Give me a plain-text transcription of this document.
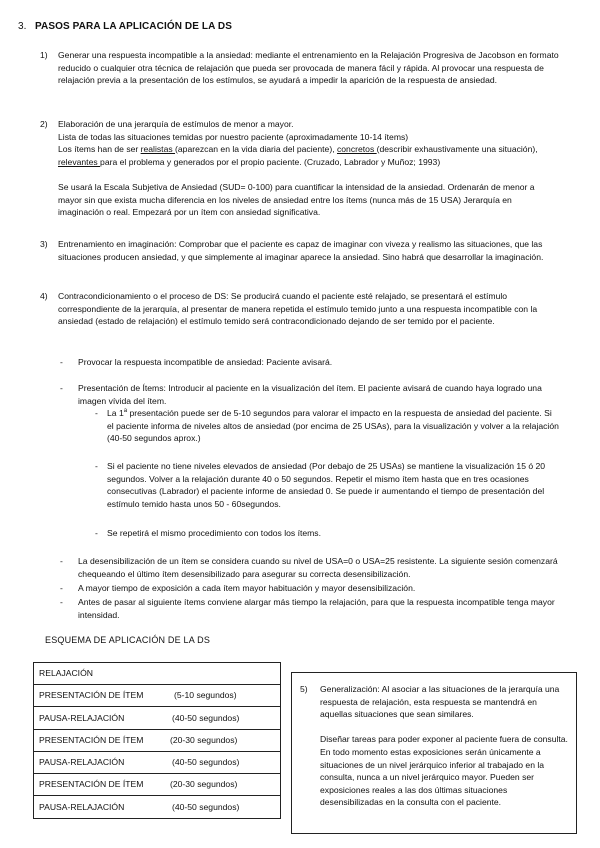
3. PASOS PARA LA APLICACIÓN DE LA DS
1) Generar una respuesta incompatible a la ansiedad: mediante el entrenamiento en la Relajación Progresiva de Jacobson en formato reducido o cualquier otra técnica de relajación que pueda ser provocada de manera fácil y rápida. Al provocar una respuesta de relajación previa a la presentación de los estímulos, se ayudará a impedir la aparición de la respuesta de ansiedad.

2) Elaboración de una jerarquía de estímulos de menor a mayor.

Lista de todas las situaciones temidas por nuestro paciente (aproximadamente 10-14 ítems)

Los ítems han de ser realistas (aparezcan en la vida diaria del paciente), concretos (describir exhaustivamente una situación), relevantes para el problema y generados por el propio paciente. (Cruzado, Labrador y Muñoz; 1993)

Se usará la Escala Subjetiva de Ansiedad (SUD= 0-100) para cuantificar la intensidad de la ansiedad. Ordenarán de menor a mayor sin que exista mucha diferencia en los niveles de ansiedad entre los ítems (nunca más de 15 USA) Jerarquía en imaginación o real. Empezará por un ítem con ansiedad significativa.

3) Entrenamiento en imaginación: Comprobar que el paciente es capaz de imaginar con viveza y realismo las situaciones, que las situaciones producen ansiedad, y que simplemente al imaginar aparece la ansiedad. Sino habrá que desarrollar la imaginación.

4) Contracondicionamiento o el proceso de DS: Se producirá cuando el paciente esté relajado, se presentará el estímulo correspondiente de la jerarquía, al presentar de manera repetida el estímulo temido junto a una respuesta incompatible con la ansiedad (estado de relajación) el estímulo temido será contracondicionado dejando de ser temido por el paciente.

- Provocar la respuesta incompatible de ansiedad: Paciente avisará.

- Presentación de Ítems: Introducir al paciente en la visualización del ítem. El paciente avisará de cuando haya logrado una imagen vívida del ítem.

- La 1$^a$ presentación puede ser de 5-10 segundos para valorar el impacto en la respuesta de ansiedad del paciente. Si el paciente informa de niveles altos de ansiedad (por encima de 25 USAs), para la visualización y volver a la relajación (40-50 segundos aprox.)

- Si el paciente no tiene niveles elevados de ansiedad (Por debajo de 25 USAs) se mantiene la visualización 15 ó 20 segundos. Volver a la relajación durante 40 o 50 segundos. Repetir el mismo ítem hasta que en tres ocasiones consecutivas (Labrador) el paciente informe de ansiedad 0. Se puede ir aumentando el tiempo de presentación del estímulo temido hasta unos 50 - 60segundos.

- Se repetirá el mismo procedimiento con todos los ítems.

- La desensibilización de un ítem se considera cuando su nivel de USA=0 o USA=25 resistente. La siguiente sesión comenzará chequeando el último ítem desensibilizado para asegurar su correcta desensibilización.

- A mayor tiempo de exposición a cada ítem mayor habituación y mayor desensibilización.

- Antes de pasar al siguiente ítems conviene alargar más tiempo la relajación, para que la respuesta incompatible tenga mayor intensidad.

ESQUEMA DE APLICACIÓN DE LA DS
RELAJACIÓN
PRESENTACIÓN DE ÍTEM	(5-10 segundos)
PAUSA-RELAJACIÓN	(40-50 segundos)
PRESENTACIÓN DE ÍTEM	(20-30 segundos)
PAUSA-RELAJACIÓN	(40-50 segundos)
PRESENTACIÓN DE ÍTEM	(20-30 segundos)
PAUSA-RELAJACIÓN	(40-50 segundos)
5) Generalización: Al asociar a las situaciones de la jerarquía una respuesta de relajación, esta respuesta se mantendrá en aquellas situaciones que sean similares.

Diseñar tareas para poder exponer al paciente fuera de consulta. En todo momento estas exposiciones serán únicamente a situaciones de un nivel jerárquico inferior al trabajado en la consulta, nunca a un nivel jerárquico mayor. Pueden ser exposiciones reales a las dos últimas situaciones desensibilizadas en la consulta con el paciente.
